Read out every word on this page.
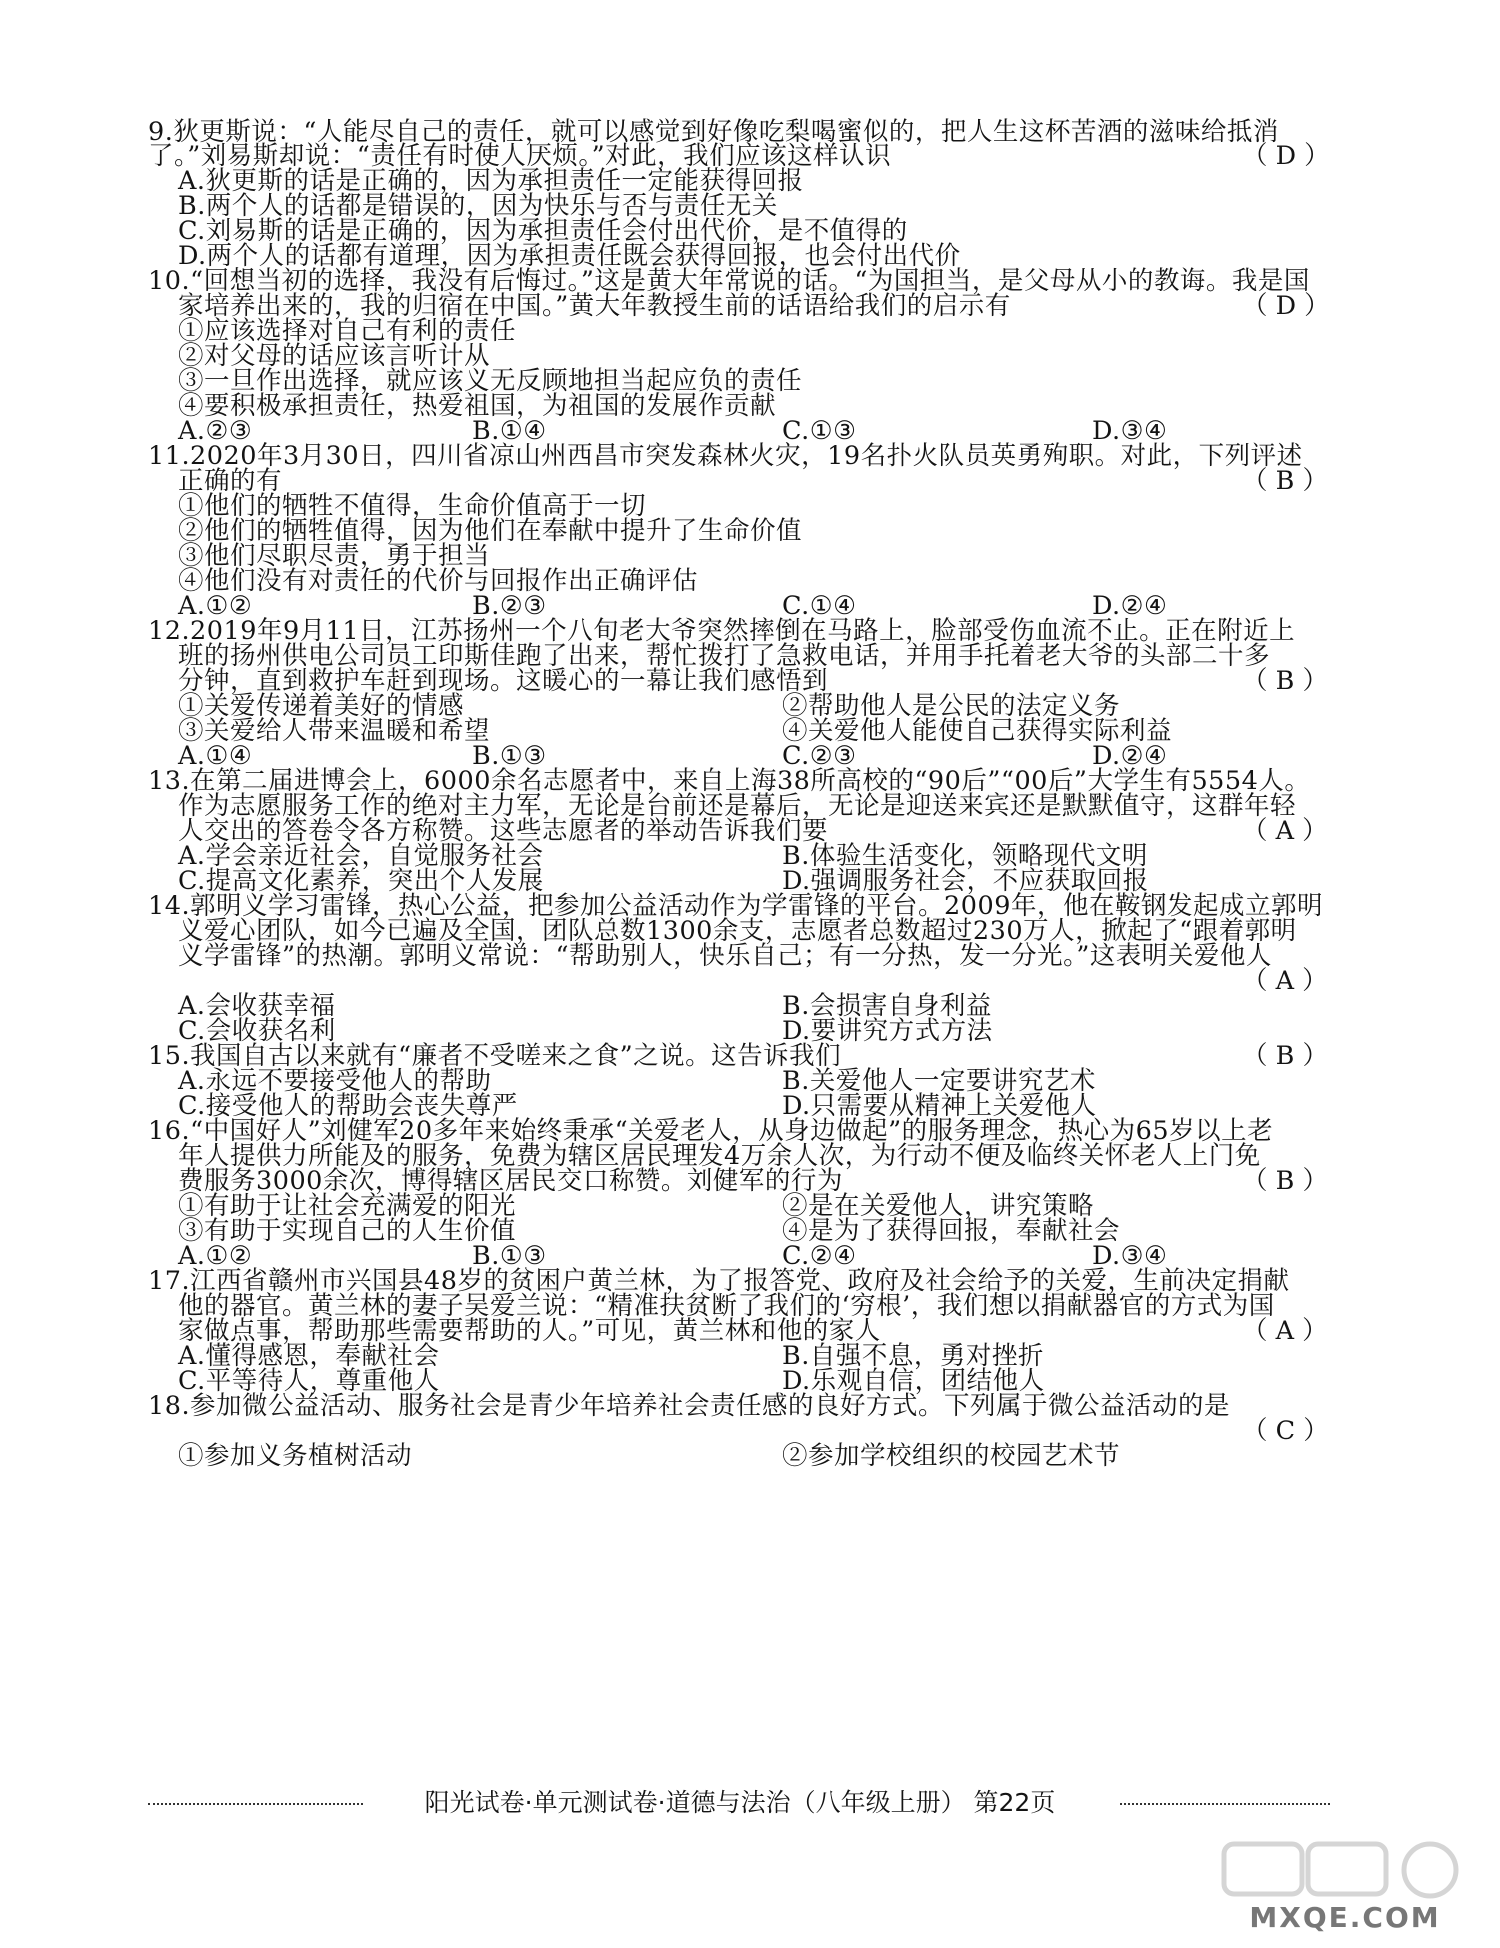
9.狄更斯说：“人能尽自己的责任，就可以感觉到好像吃梨喝蜜似的，把人生这杯苦酒的滋味给抵消
了。”刘易斯却说：“责任有时使人厌烦。”对此，我们应该这样认识	（ D ）
A.狄更斯的话是正确的，因为承担责任一定能获得回报
B.两个人的话都是错误的，因为快乐与否与责任无关
C.刘易斯的话是正确的，因为承担责任会付出代价，是不值得的
D.两个人的话都有道理，因为承担责任既会获得回报，也会付出代价
10.“回想当初的选择，我没有后悔过。”这是黄大年常说的话。“为国担当，是父母从小的教诲。我是国
家培养出来的，我的归宿在中国。”黄大年教授生前的话语给我们的启示有	（ D ）
①应该选择对自己有利的责任
②对父母的话应该言听计从
③一旦作出选择，就应该义无反顾地担当起应负的责任
④要积极承担责任，热爱祖国，为祖国的发展作贡献
A.②③	B.①④	C.①③	D.③④
11.2020年3月30日，四川省凉山州西昌市突发森林火灾，19名扑火队员英勇殉职。对此，下列评述
正确的有	（ B ）
①他们的牺牲不值得，生命价值高于一切
②他们的牺牲值得，因为他们在奉献中提升了生命价值
③他们尽职尽责，勇于担当
④他们没有对责任的代价与回报作出正确评估
A.①②	B.②③	C.①④	D.②④
12.2019年9月11日，江苏扬州一个八旬老大爷突然摔倒在马路上，脸部受伤血流不止。正在附近上
班的扬州供电公司员工印斯佳跑了出来，帮忙拨打了急救电话，并用手托着老大爷的头部二十多
分钟，直到救护车赶到现场。这暖心的一幕让我们感悟到	（ B ）
①关爱传递着美好的情感	②帮助他人是公民的法定义务
③关爱给人带来温暖和希望	④关爱他人能使自己获得实际利益
A.①④	B.①③	C.②③	D.②④
13.在第二届进博会上，6000余名志愿者中，来自上海38所高校的“90后”“00后”大学生有5554人。
作为志愿服务工作的绝对主力军，无论是台前还是幕后，无论是迎送来宾还是默默值守，这群年轻
人交出的答卷令各方称赞。这些志愿者的举动告诉我们要	（ A ）
A.学会亲近社会，自觉服务社会	B.体验生活变化，领略现代文明
C.提高文化素养，突出个人发展	D.强调服务社会，不应获取回报
14.郭明义学习雷锋，热心公益，把参加公益活动作为学雷锋的平台。2009年，他在鞍钢发起成立郭明
义爱心团队，如今已遍及全国，团队总数1300余支，志愿者总数超过230万人，掀起了“跟着郭明
义学雷锋”的热潮。郭明义常说：“帮助别人，快乐自己；有一分热，发一分光。”这表明关爱他人
（ A ）
A.会收获幸福	B.会损害自身利益
C.会收获名利	D.要讲究方式方法
15.我国自古以来就有“廉者不受嗟来之食”之说。这告诉我们	（ B ）
A.永远不要接受他人的帮助	B.关爱他人一定要讲究艺术
C.接受他人的帮助会丧失尊严	D.只需要从精神上关爱他人
16.“中国好人”刘健军20多年来始终秉承“关爱老人，从身边做起”的服务理念，热心为65岁以上老
年人提供力所能及的服务，免费为辖区居民理发4万余人次，为行动不便及临终关怀老人上门免
费服务3000余次，博得辖区居民交口称赞。刘健军的行为	（ B ）
①有助于让社会充满爱的阳光	②是在关爱他人，讲究策略
③有助于实现自己的人生价值	④是为了获得回报，奉献社会
A.①②	B.①③	C.②④	D.③④
17.江西省赣州市兴国县48岁的贫困户黄兰林，为了报答党、政府及社会给予的关爱，生前决定捐献
他的器官。黄兰林的妻子吴爱兰说：“精准扶贫断了我们的‘穷根’，我们想以捐献器官的方式为国
家做点事，帮助那些需要帮助的人。”可见，黄兰林和他的家人	（ A ）
A.懂得感恩，奉献社会	B.自强不息，勇对挫折
C.平等待人，尊重他人	D.乐观自信，团结他人
18.参加微公益活动、服务社会是青少年培养社会责任感的良好方式。下列属于微公益活动的是
（ C ）
①参加义务植树活动	②参加学校组织的校园艺术节
阳光试卷·单元测试卷·道德与法治（八年级上册） 第22页
MXQE.COM
